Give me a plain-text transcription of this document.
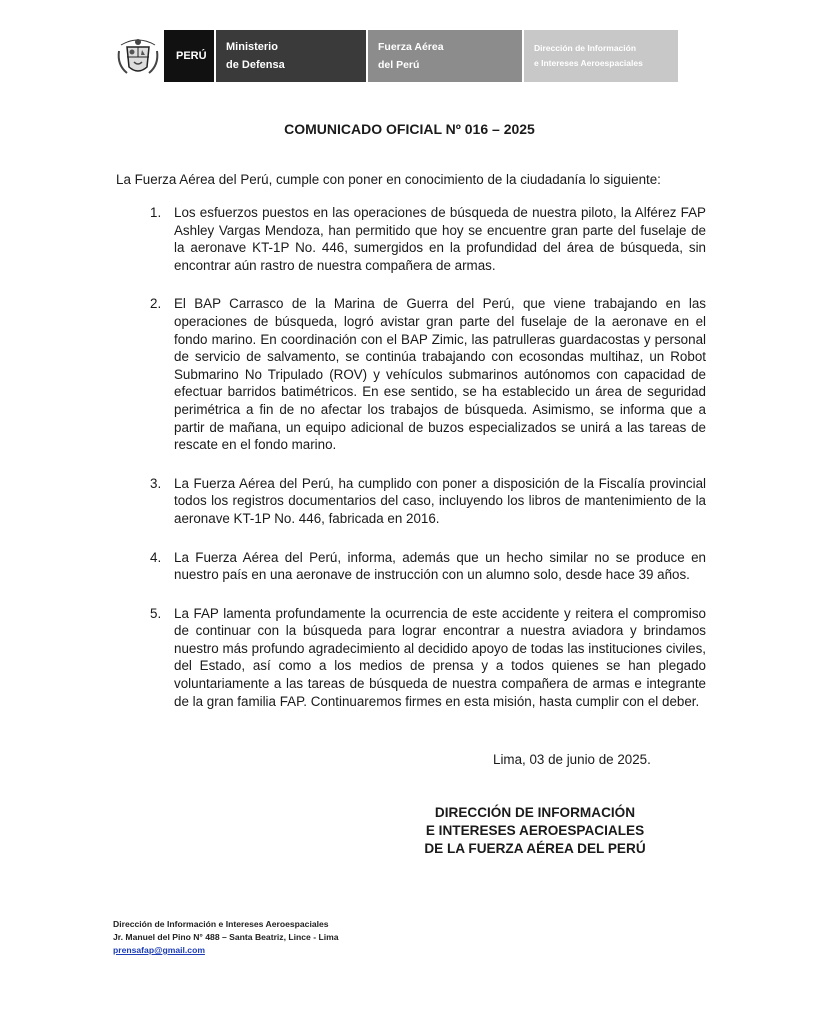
PERÚ
Ministerio
de Defensa
Fuerza Aérea
del Perú
Dirección de Información
e Intereses Aeroespaciales
COMUNICADO OFICIAL Nº 016 – 2025
La Fuerza Aérea del Perú, cumple con poner en conocimiento de la ciudadanía lo siguiente:
1. Los esfuerzos puestos en las operaciones de búsqueda de nuestra piloto, la Alférez FAP Ashley Vargas Mendoza, han permitido que hoy se encuentre gran parte del fuselaje de la aeronave KT-1P No. 446, sumergidos en la profundidad del área de búsqueda, sin encontrar aún rastro de nuestra compañera de armas.
2. El BAP Carrasco de la Marina de Guerra del Perú, que viene trabajando en las operaciones de búsqueda, logró avistar gran parte del fuselaje de la aeronave en el fondo marino. En coordinación con el BAP Zimic, las patrulleras guardacostas y personal de servicio de salvamento, se continúa trabajando con ecosondas multihaz, un Robot Submarino No Tripulado (ROV) y vehículos submarinos autónomos con capacidad de efectuar barridos batimétricos. En ese sentido, se ha establecido un área de seguridad perimétrica a fin de no afectar los trabajos de búsqueda. Asimismo, se informa que a partir de mañana, un equipo adicional de buzos especializados se unirá a las tareas de rescate en el fondo marino.
3. La Fuerza Aérea del Perú, ha cumplido con poner a disposición de la Fiscalía provincial todos los registros documentarios del caso, incluyendo los libros de mantenimiento de la aeronave KT-1P No. 446, fabricada en 2016.
4. La Fuerza Aérea del Perú, informa, además que un hecho similar no se produce en nuestro país en una aeronave de instrucción con un alumno solo, desde hace 39 años.
5. La FAP lamenta profundamente la ocurrencia de este accidente y reitera el compromiso de continuar con la búsqueda para lograr encontrar a nuestra aviadora y brindamos nuestro más profundo agradecimiento al decidido apoyo de todas las instituciones civiles, del Estado, así como a los medios de prensa y a todos quienes se han plegado voluntariamente a las tareas de búsqueda de nuestra compañera de armas e integrante de la gran familia FAP. Continuaremos firmes en esta misión, hasta cumplir con el deber.
Lima, 03 de junio de 2025.
DIRECCIÓN DE INFORMACIÓN
E INTERESES AEROESPACIALES
DE LA FUERZA AÉREA DEL PERÚ
Dirección de Información e Intereses Aeroespaciales
Jr. Manuel del Pino N° 488 – Santa Beatriz, Lince - Lima
prensafap@gmail.com
